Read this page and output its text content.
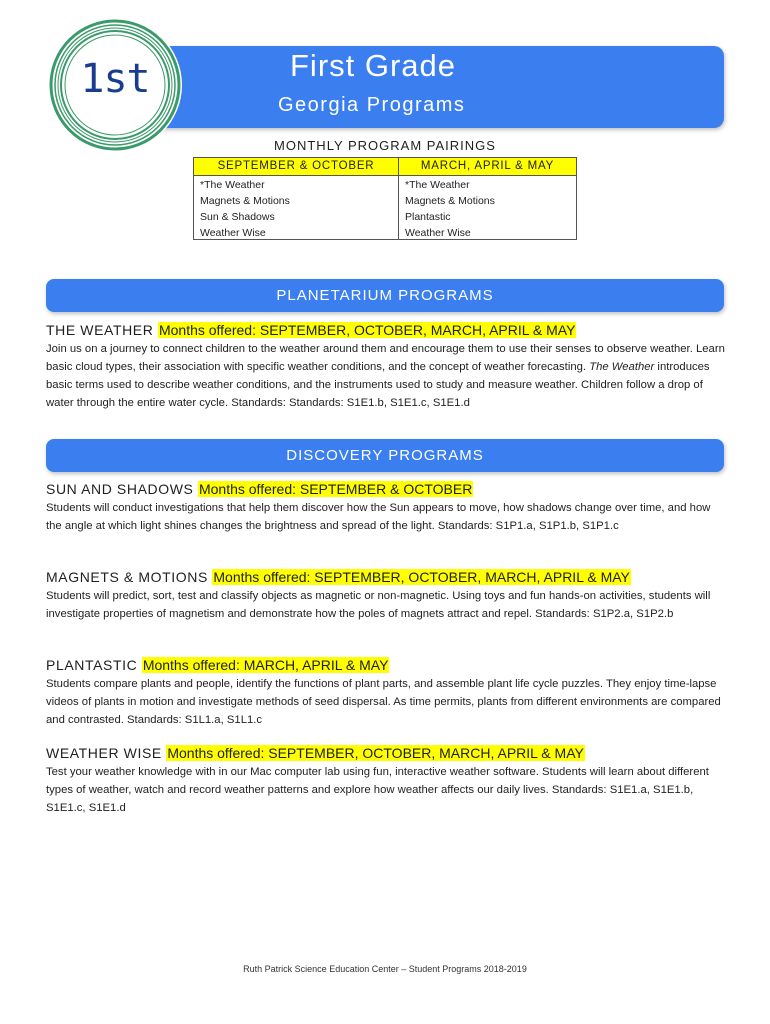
First Grade
Georgia Programs
1st
MONTHLY PROGRAM PAIRINGS
SEPTEMBER & OCTOBER
*The Weather
Magnets & Motions
Sun & Shadows
Weather Wise
MARCH, APRIL & MAY
*The Weather
Magnets & Motions
Plantastic
Weather Wise
PLANETARIUM PROGRAMS
THE WEATHER Months offered: SEPTEMBER, OCTOBER, MARCH, APRIL & MAY

Join us on a journey to connect children to the weather around them and encourage them to use their senses to observe weather. Learn basic cloud types, their association with specific weather conditions, and the concept of weather forecasting. The Weather introduces basic terms used to describe weather conditions, and the instruments used to study and measure weather. Children follow a drop of water through the entire water cycle. Standards: Standards: S1E1.b, S1E1.c, S1E1.d

DISCOVERY PROGRAMS
SUN AND SHADOWS Months offered: SEPTEMBER & OCTOBER

Students will conduct investigations that help them discover how the Sun appears to move, how shadows change over time, and how the angle at which light shines changes the brightness and spread of the light. Standards: S1P1.a, S1P1.b, S1P1.c

MAGNETS & MOTIONS Months offered: SEPTEMBER, OCTOBER, MARCH, APRIL & MAY

Students will predict, sort, test and classify objects as magnetic or non-magnetic. Using toys and fun hands-on activities, students will investigate properties of magnetism and demonstrate how the poles of magnets attract and repel. Standards: S1P2.a, S1P2.b

PLANTASTIC Months offered: MARCH, APRIL & MAY

Students compare plants and people, identify the functions of plant parts, and assemble plant life cycle puzzles. They enjoy time-lapse videos of plants in motion and investigate methods of seed dispersal. As time permits, plants from different environments are compared and contrasted. Standards: S1L1.a, S1L1.c

WEATHER WISE Months offered: SEPTEMBER, OCTOBER, MARCH, APRIL & MAY

Test your weather knowledge with in our Mac computer lab using fun, interactive weather software. Students will learn about different types of weather, watch and record weather patterns and explore how weather affects our daily lives. Standards: S1E1.a, S1E1.b, S1E1.c, S1E1.d

Ruth Patrick Science Education Center – Student Programs 2018-2019
